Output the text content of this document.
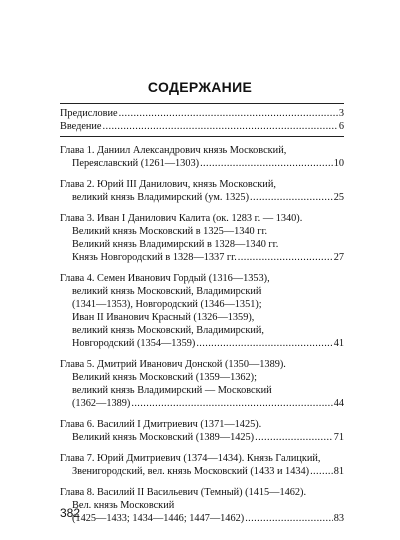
СОДЕРЖАНИЕ
Предисловие .....	3
Введение .....	6
Глава 1. Даниил Александрович князь Московский,
Переяславский (1261—1303) .....	10
Глава 2. Юрий III Данилович, князь Московский,
великий князь Владимирский (ум. 1325) .....	25
Глава 3. Иван I Данилович Калита (ок. 1283 г. — 1340).
Великий князь Московский в 1325—1340 гг.
Великий князь Владимирский в 1328—1340 гг.
Князь Новгородский в 1328—1337 гг. .....	27
Глава 4. Семен Иванович Гордый (1316—1353),
великий князь Московский, Владимирский
(1341—1353), Новгородский (1346—1351);
Иван II Иванович Красный (1326—1359),
великий князь Московский, Владимирский,
Новгородский (1354—1359) .....	41
Глава 5. Дмитрий Иванович Донской (1350—1389).
Великий князь Московский (1359—1362);
великий князь Владимирский — Московский
(1362—1389) .....	44
Глава 6. Василий I Дмитриевич (1371—1425).
Великий князь Московский (1389—1425) .....	71
Глава 7. Юрий Дмитриевич (1374—1434). Князь Галицкий,
Звенигородский, вел. князь Московский (1433 и 1434) ..... 81
Глава 8. Василий II Васильевич (Темный) (1415—1462).
Вел. князь Московский
(1425—1433; 1434—1446; 1447—1462) .....	83
382
